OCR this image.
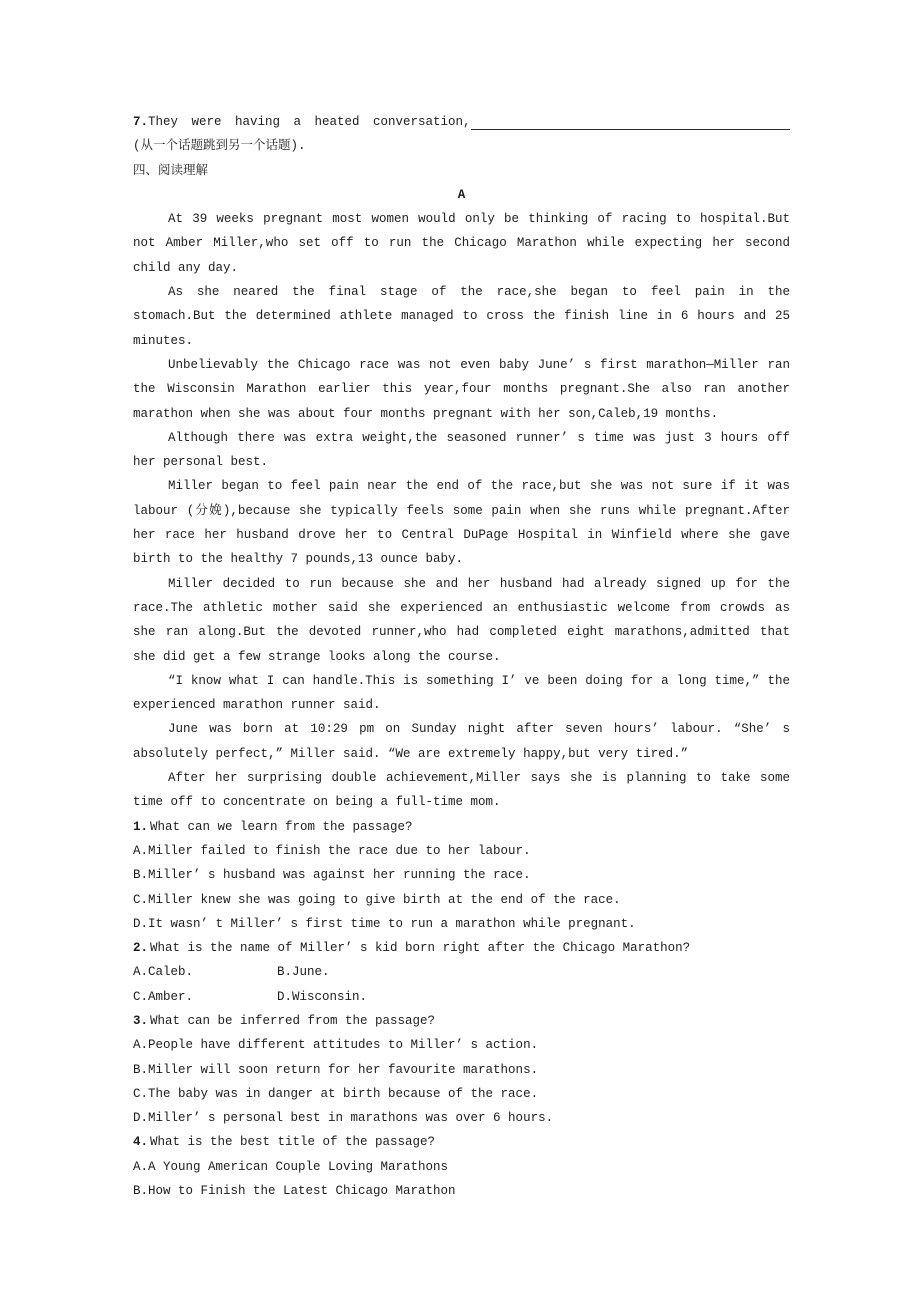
7. They were having a heated conversation,
(从一个话题跳到另一个话题).
四、阅读理解
A

At 39 weeks pregnant most women would only be thinking of racing to hospital.But not Amber Miller,who set off to run the Chicago Marathon while expecting her second child any day.

As she neared the final stage of the race,she began to feel pain in the stomach.But the determined athlete managed to cross the finish line in 6 hours and 25 minutes.

Unbelievably the Chicago race was not even baby June’ s first marathon—Miller ran the Wisconsin Marathon earlier this year,four months pregnant.She also ran another marathon when she was about four months pregnant with her son,Caleb,19 months.

Although there was extra weight,the seasoned runner’ s time was just 3 hours off her personal best.

Miller began to feel pain near the end of the race,but she was not sure if it was labour (分娩),because she typically feels some pain when she runs while pregnant.After her race her husband drove her to Central DuPage Hospital in Winfield where she gave birth to the healthy 7 pounds,13 ounce baby.

Miller decided to run because she and her husband had already signed up for the race.The athletic mother said she experienced an enthusiastic welcome from crowds as she ran along.But the devoted runner,who had completed eight marathons,admitted that she did get a few strange looks along the course.

“I know what I can handle.This is something I’ ve been doing for a long time,” the experienced marathon runner said.

June was born at 10:29 pm on Sunday night after seven hours’ labour. “She’ s absolutely perfect,” Miller said. “We are extremely happy,but very tired.”

After her surprising double achievement,Miller says she is planning to take some time off to concentrate on being a full-time mom.

1. What can we learn from the passage?
A.Miller failed to finish the race due to her labour.
B.Miller’ s husband was against her running the race.
C.Miller knew she was going to give birth at the end of the race.
D.It wasn’ t Miller’ s first time to run a marathon while pregnant.
2. What is the name of Miller’ s kid born right after the Chicago Marathon?
A.Caleb.	B.June.
C.Amber.	D.Wisconsin.
3. What can be inferred from the passage?
A.People have different attitudes to Miller’ s action.
B.Miller will soon return for her favourite marathons.
C.The baby was in danger at birth because of the race.
D.Miller’ s personal best in marathons was over 6 hours.
4. What is the best title of the passage?
A.A Young American Couple Loving Marathons
B.How to Finish the Latest Chicago Marathon
